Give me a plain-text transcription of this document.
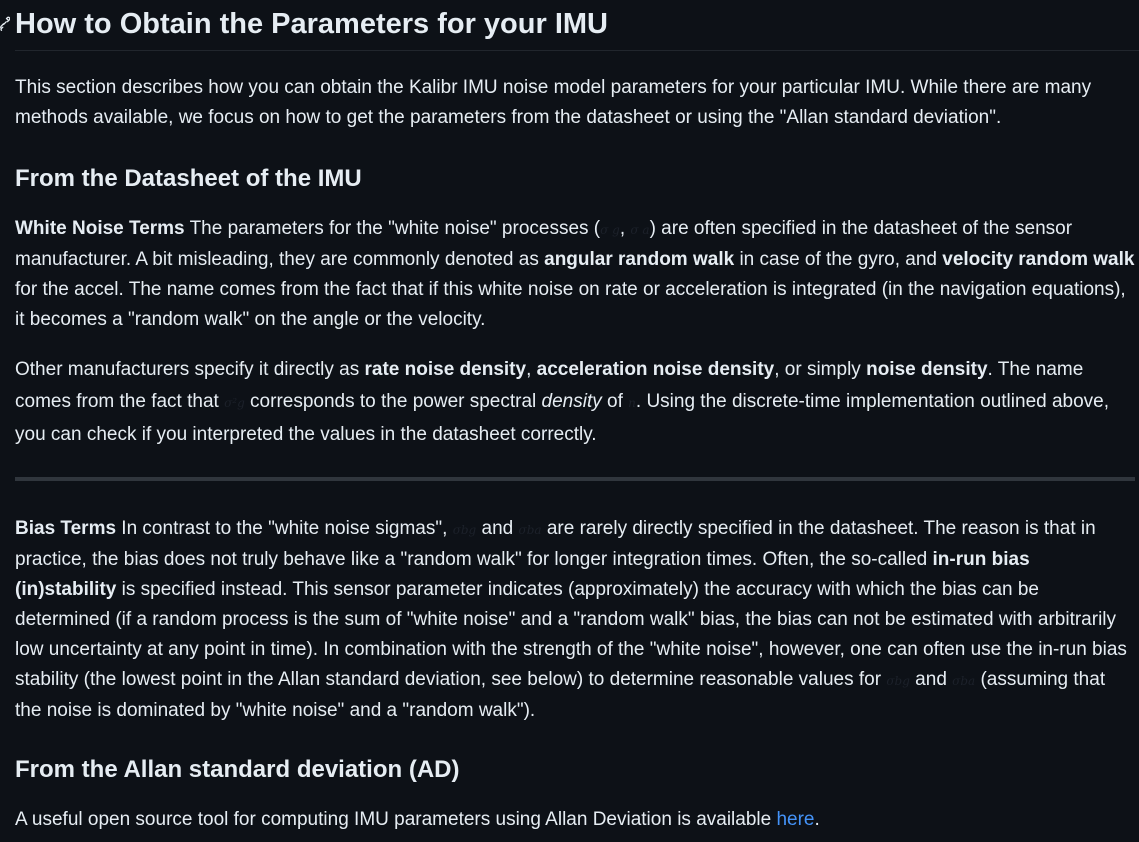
How to Obtain the Parameters for your IMU

This section describes how you can obtain the Kalibr IMU noise model parameters for your particular IMU. While there are many methods available, we focus on how to get the parameters from the datasheet or using the "Allan standard deviation".

From the Datasheet of the IMU

White Noise Terms The parameters for the "white noise" processes (σ g, σ a) are often specified in the datasheet of the sensor manufacturer. A bit misleading, they are commonly denoted as angular random walk in case of the gyro, and velocity random walk for the accel. The name comes from the fact that if this white noise on rate or acceleration is integrated (in the navigation equations), it becomes a "random walk" on the angle or the velocity.

Other manufacturers specify it directly as rate noise density, acceleration noise density, or simply noise density. The name comes from the fact that σ²g corresponds to the power spectral density of n. Using the discrete-time implementation outlined above, you can check if you interpreted the values in the datasheet correctly.

Bias Terms In contrast to the "white noise sigmas", σbg and σba are rarely directly specified in the datasheet. The reason is that in practice, the bias does not truly behave like a "random walk" for longer integration times. Often, the so-called in-run bias (in)stability is specified instead. This sensor parameter indicates (approximately) the accuracy with which the bias can be determined (if a random process is the sum of "white noise" and a "random walk" bias, the bias can not be estimated with arbitrarily low uncertainty at any point in time). In combination with the strength of the "white noise", however, one can often use the in-run bias stability (the lowest point in the Allan standard deviation, see below) to determine reasonable values for σbg and σba (assuming that the noise is dominated by "white noise" and a "random walk").

From the Allan standard deviation (AD)

A useful open source tool for computing IMU parameters using Allan Deviation is available here.
